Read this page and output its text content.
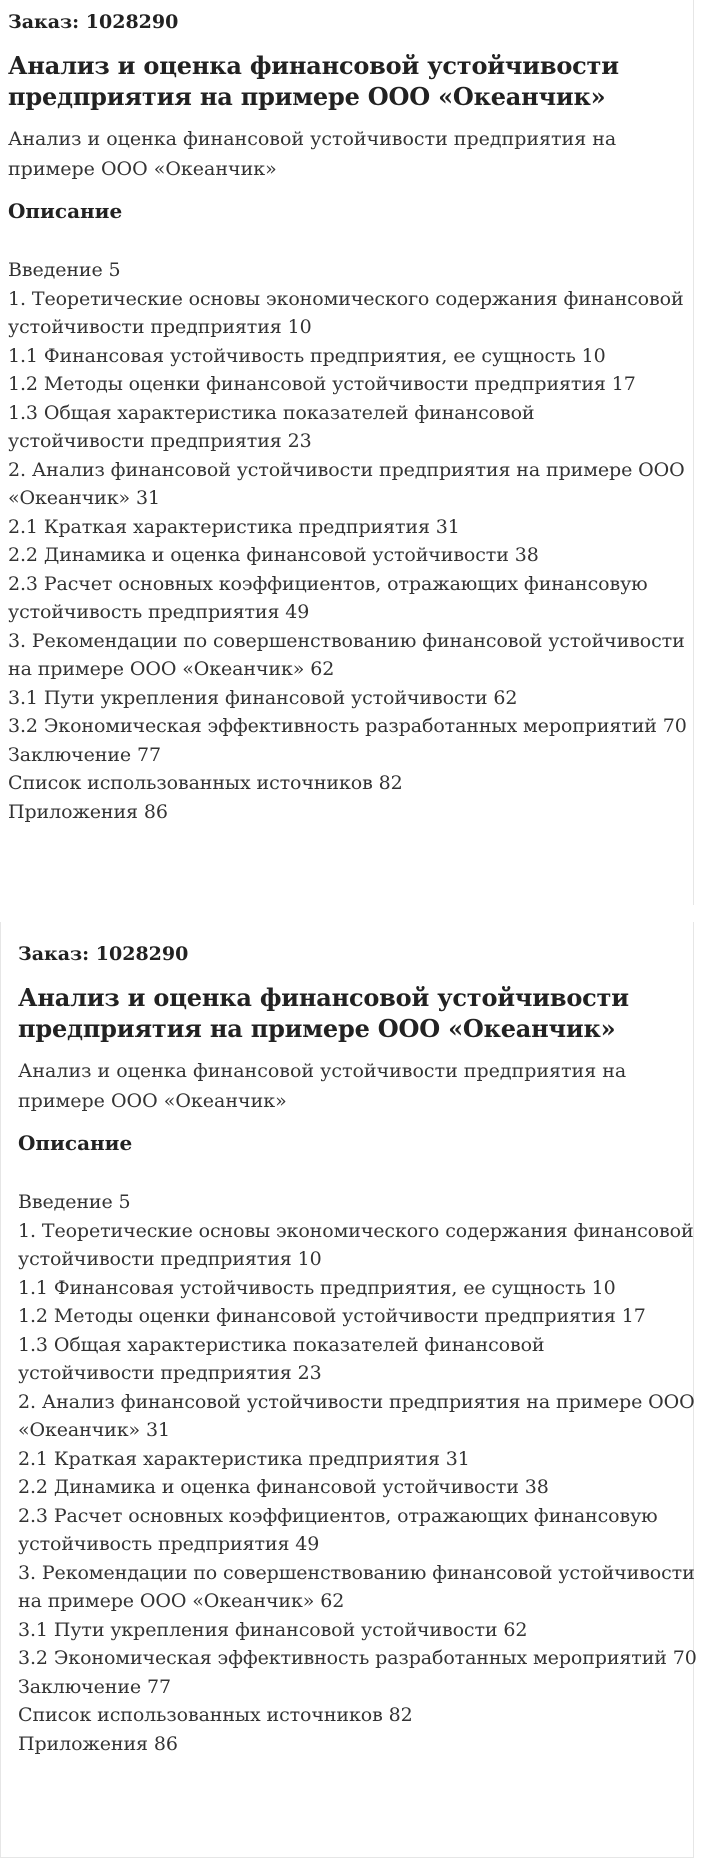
Заказ: 1028290
Анализ и оценка финансовой устойчивости
предприятия на примере ООО «Океанчик»
Анализ и оценка финансовой устойчивости предприятия на
примере ООО «Океанчик»
Описание
Введение 5
1. Теоретические основы экономического содержания финансовой
устойчивости предприятия 10
1.1 Финансовая устойчивость предприятия, ее сущность 10
1.2 Методы оценки финансовой устойчивости предприятия 17
1.3 Общая характеристика показателей финансовой
устойчивости предприятия 23
2. Анализ финансовой устойчивости предприятия на примере ООО
«Океанчик» 31
2.1 Краткая характеристика предприятия 31
2.2 Динамика и оценка финансовой устойчивости 38
2.3 Расчет основных коэффициентов, отражающих финансовую
устойчивость предприятия 49
3. Рекомендации по совершенствованию финансовой устойчивости
на примере ООО «Океанчик» 62
3.1 Пути укрепления финансовой устойчивости 62
3.2 Экономическая эффективность разработанных мероприятий 70
Заключение 77
Список использованных источников 82
Приложения 86
Заказ: 1028290
Анализ и оценка финансовой устойчивости
предприятия на примере ООО «Океанчик»
Анализ и оценка финансовой устойчивости предприятия на
примере ООО «Океанчик»
Описание
Введение 5
1. Теоретические основы экономического содержания финансовой
устойчивости предприятия 10
1.1 Финансовая устойчивость предприятия, ее сущность 10
1.2 Методы оценки финансовой устойчивости предприятия 17
1.3 Общая характеристика показателей финансовой
устойчивости предприятия 23
2. Анализ финансовой устойчивости предприятия на примере ООО
«Океанчик» 31
2.1 Краткая характеристика предприятия 31
2.2 Динамика и оценка финансовой устойчивости 38
2.3 Расчет основных коэффициентов, отражающих финансовую
устойчивость предприятия 49
3. Рекомендации по совершенствованию финансовой устойчивости
на примере ООО «Океанчик» 62
3.1 Пути укрепления финансовой устойчивости 62
3.2 Экономическая эффективность разработанных мероприятий 70
Заключение 77
Список использованных источников 82
Приложения 86
